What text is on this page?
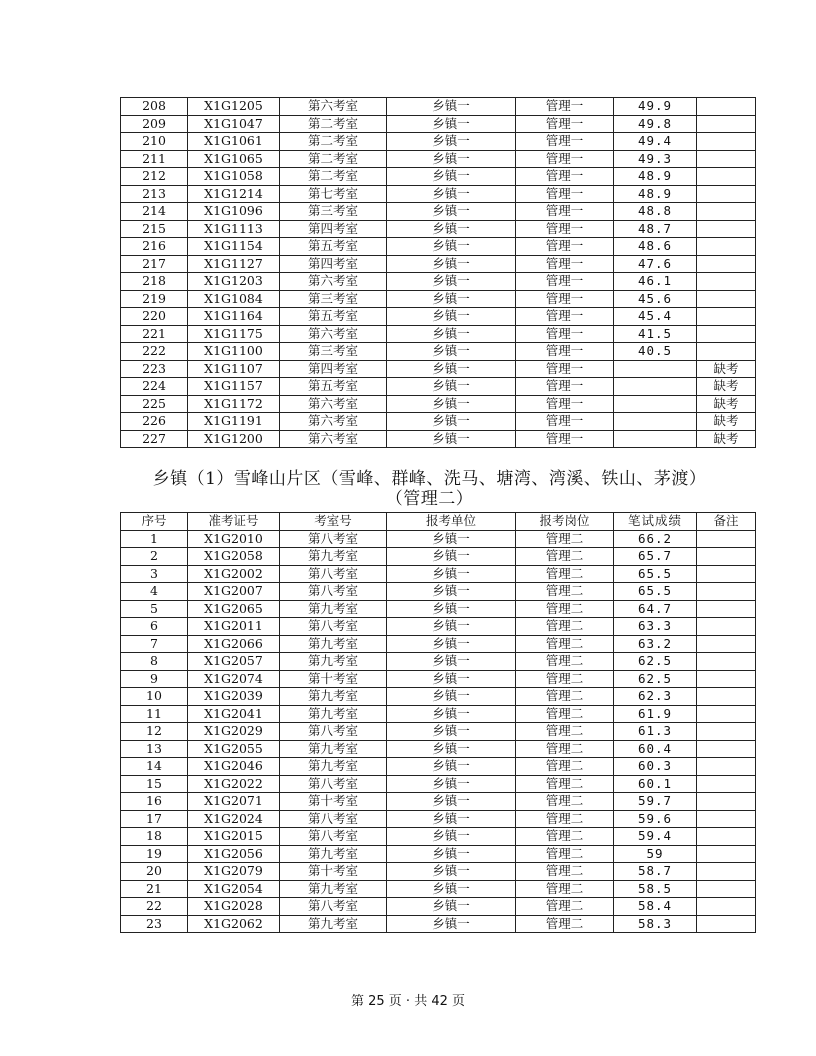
208	X1G1205	第六考室	乡镇一	管理一	49.9	
209	X1G1047	第二考室	乡镇一	管理一	49.8	
210	X1G1061	第二考室	乡镇一	管理一	49.4	
211	X1G1065	第二考室	乡镇一	管理一	49.3	
212	X1G1058	第二考室	乡镇一	管理一	48.9	
213	X1G1214	第七考室	乡镇一	管理一	48.9	
214	X1G1096	第三考室	乡镇一	管理一	48.8	
215	X1G1113	第四考室	乡镇一	管理一	48.7	
216	X1G1154	第五考室	乡镇一	管理一	48.6	
217	X1G1127	第四考室	乡镇一	管理一	47.6	
218	X1G1203	第六考室	乡镇一	管理一	46.1	
219	X1G1084	第三考室	乡镇一	管理一	45.6	
220	X1G1164	第五考室	乡镇一	管理一	45.4	
221	X1G1175	第六考室	乡镇一	管理一	41.5	
222	X1G1100	第三考室	乡镇一	管理一	40.5	
223	X1G1107	第四考室	乡镇一	管理一		缺考
224	X1G1157	第五考室	乡镇一	管理一		缺考
225	X1G1172	第六考室	乡镇一	管理一		缺考
226	X1G1191	第六考室	乡镇一	管理一		缺考
227	X1G1200	第六考室	乡镇一	管理一		缺考
乡镇（1）雪峰山片区（雪峰、群峰、洗马、塘湾、湾溪、铁山、茅渡）
（管理二）
序号	准考证号	考室号	报考单位	报考岗位	笔试成绩	备注
1	X1G2010	第八考室	乡镇一	管理二	66.2	
2	X1G2058	第九考室	乡镇一	管理二	65.7	
3	X1G2002	第八考室	乡镇一	管理二	65.5	
4	X1G2007	第八考室	乡镇一	管理二	65.5	
5	X1G2065	第九考室	乡镇一	管理二	64.7	
6	X1G2011	第八考室	乡镇一	管理二	63.3	
7	X1G2066	第九考室	乡镇一	管理二	63.2	
8	X1G2057	第九考室	乡镇一	管理二	62.5	
9	X1G2074	第十考室	乡镇一	管理二	62.5	
10	X1G2039	第九考室	乡镇一	管理二	62.3	
11	X1G2041	第九考室	乡镇一	管理二	61.9	
12	X1G2029	第八考室	乡镇一	管理二	61.3	
13	X1G2055	第九考室	乡镇一	管理二	60.4	
14	X1G2046	第九考室	乡镇一	管理二	60.3	
15	X1G2022	第八考室	乡镇一	管理二	60.1	
16	X1G2071	第十考室	乡镇一	管理二	59.7	
17	X1G2024	第八考室	乡镇一	管理二	59.6	
18	X1G2015	第八考室	乡镇一	管理二	59.4	
19	X1G2056	第九考室	乡镇一	管理二	59	
20	X1G2079	第十考室	乡镇一	管理二	58.7	
21	X1G2054	第九考室	乡镇一	管理二	58.5	
22	X1G2028	第八考室	乡镇一	管理二	58.4	
23	X1G2062	第九考室	乡镇一	管理二	58.3	
第 25 页 · 共 42 页
